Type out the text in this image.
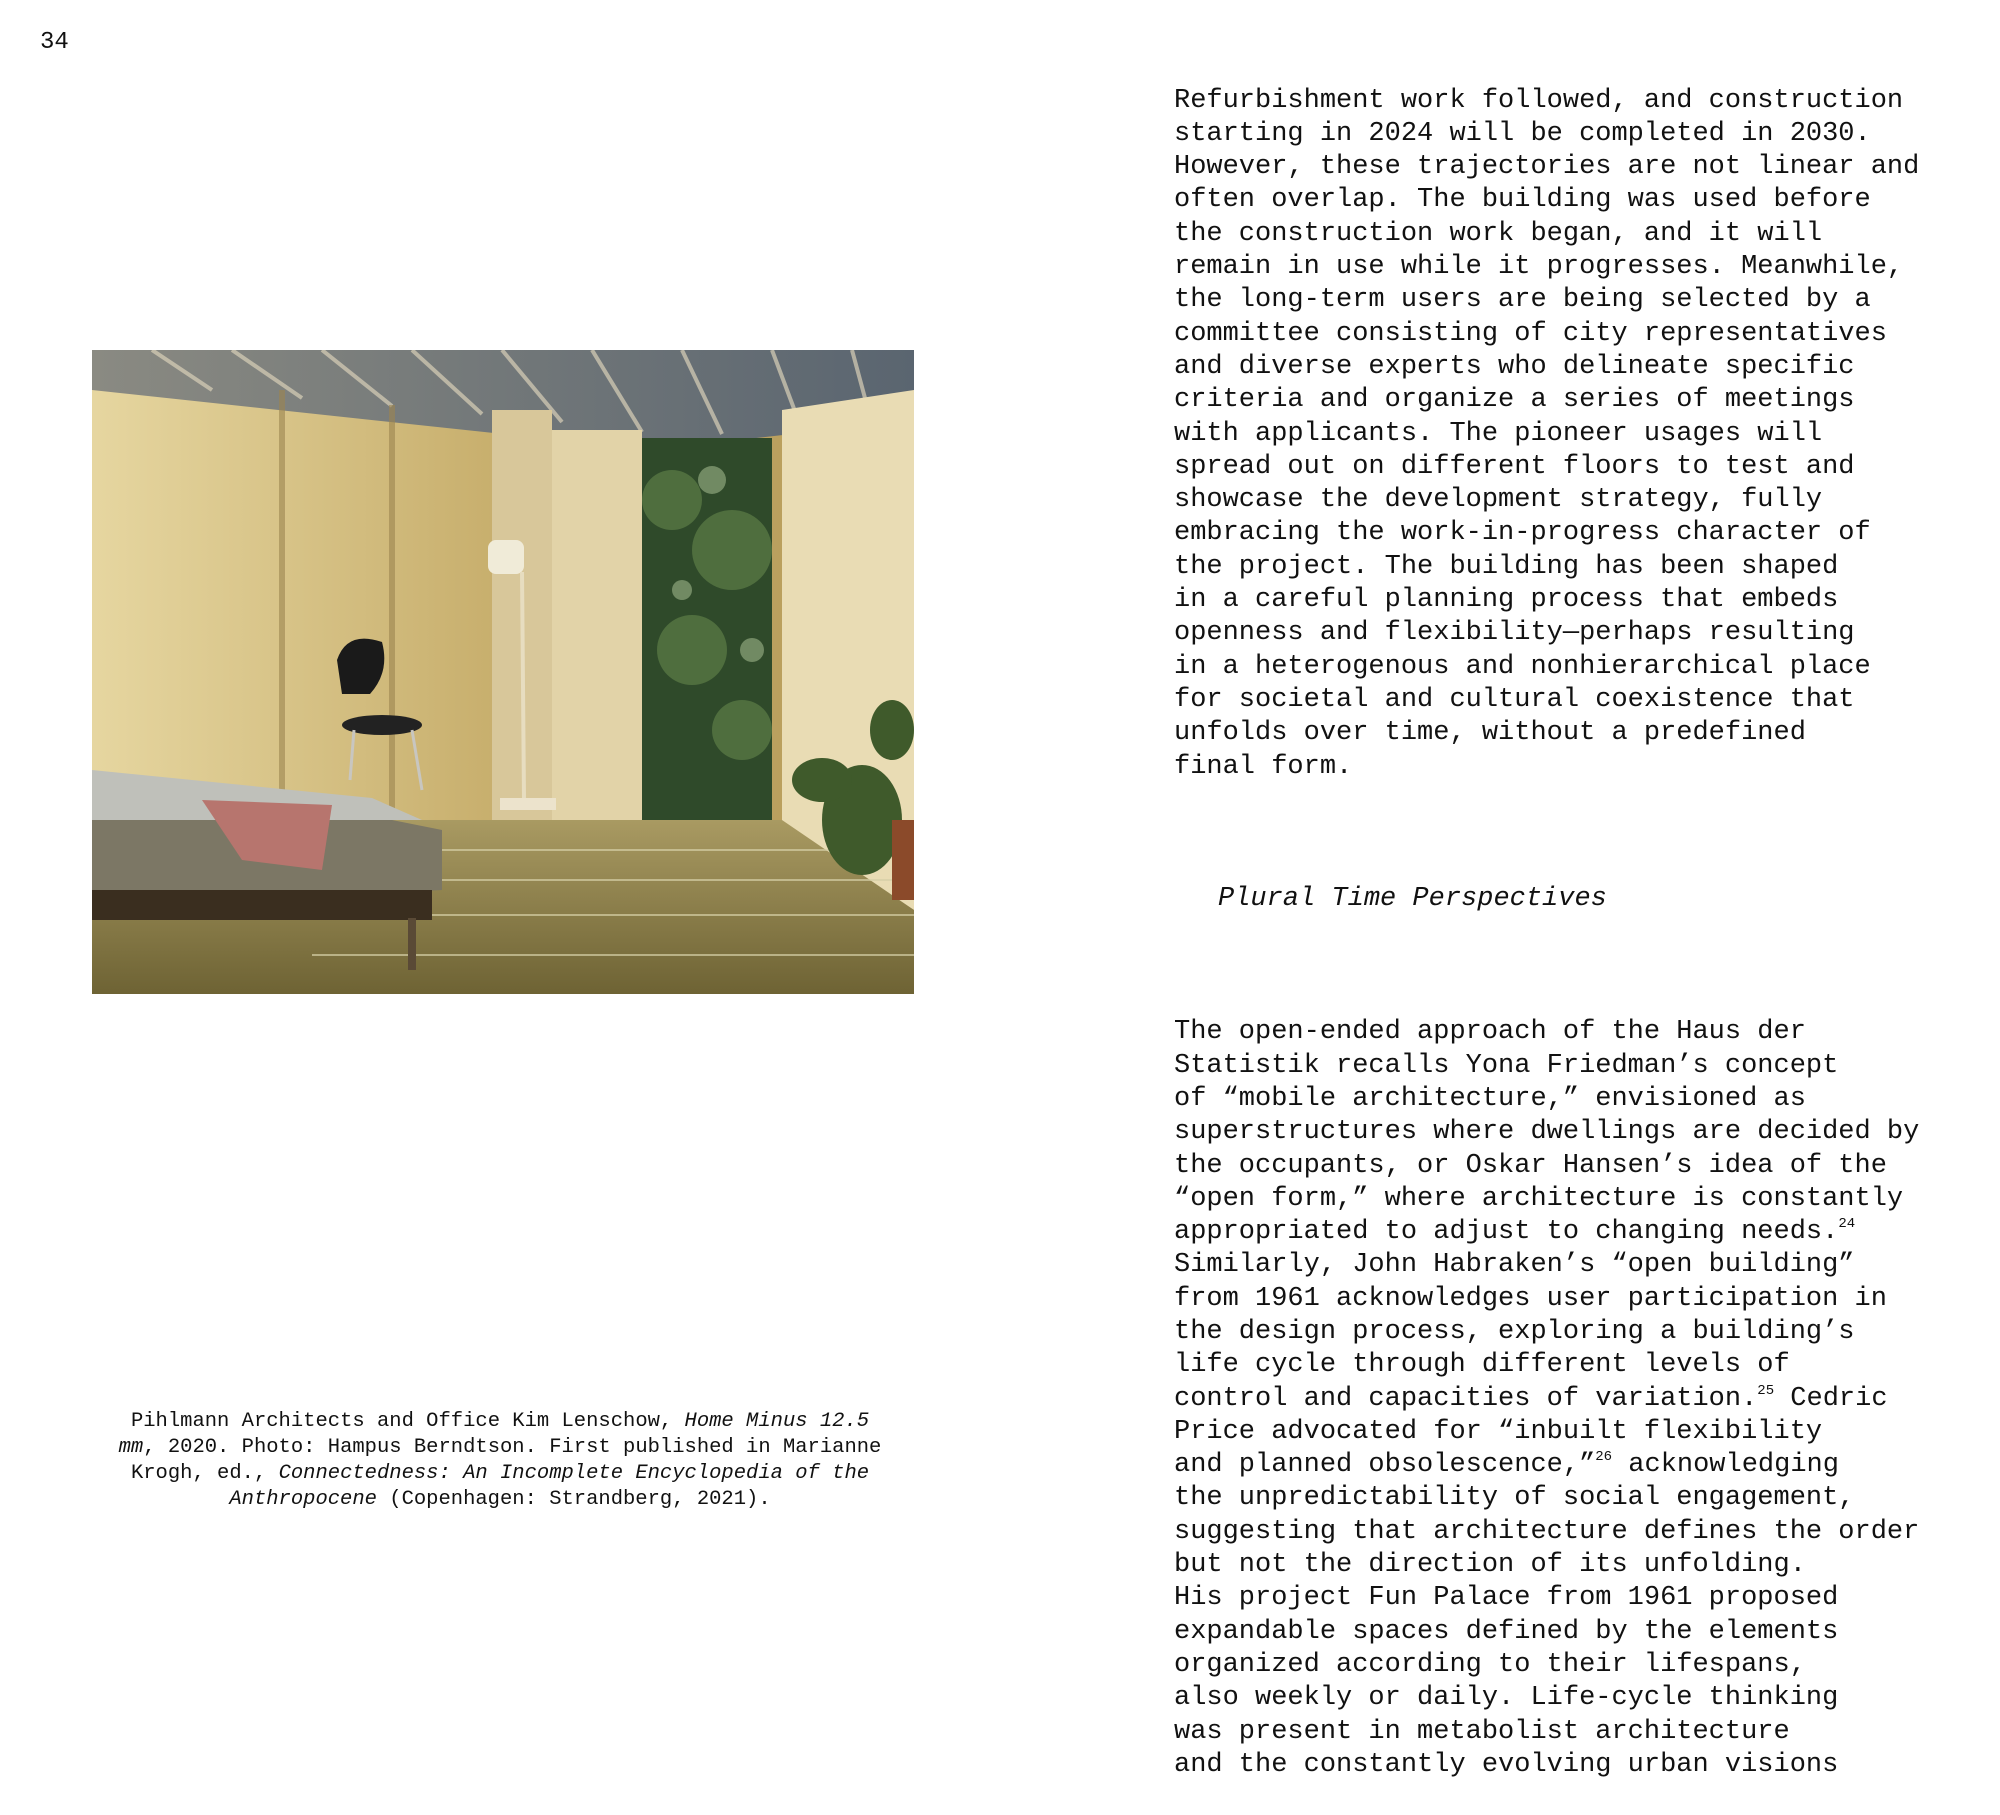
34
Pihlmann Architects and Office Kim Lenschow, Home Minus 12.5
mm, 2020. Photo: Hampus Berndtson. First published in Marianne
Krogh, ed., Connectedness: An Incomplete Encyclopedia of the
Anthropocene (Copenhagen: Strandberg, 2021).

Refurbishment work followed, and construction
starting in 2024 will be completed in 2030.
However, these trajectories are not linear and
often overlap. The building was used before
the construction work began, and it will
remain in use while it progresses. Meanwhile,
the long-term users are being selected by a
committee consisting of city representatives
and diverse experts who delineate specific
criteria and organize a series of meetings
with applicants. The pioneer usages will
spread out on different floors to test and
showcase the development strategy, fully
embracing the work-in-progress character of
the project. The building has been shaped
in a careful planning process that embeds
openness and flexibility—perhaps resulting
in a heterogenous and nonhierarchical place
for societal and cultural coexistence that
unfolds over time, without a predefined
final form.

Plural Time Perspectives

The open-ended approach of the Haus der
Statistik recalls Yona Friedman’s concept
of “mobile architecture,” envisioned as
superstructures where dwellings are decided by
the occupants, or Oskar Hansen’s idea of the
“open form,” where architecture is constantly
appropriated to adjust to changing needs.$^{24}$
Similarly, John Habraken’s “open building”
from 1961 acknowledges user participation in
the design process, exploring a building’s
life cycle through different levels of
control and capacities of variation.$^{25}$ Cedric
Price advocated for “inbuilt flexibility
and planned obsolescence,”$^{26}$ acknowledging
the unpredictability of social engagement,
suggesting that architecture defines the order
but not the direction of its unfolding.
His project Fun Palace from 1961 proposed
expandable spaces defined by the elements
organized according to their lifespans,
also weekly or daily. Life-cycle thinking
was present in metabolist architecture
and the constantly evolving urban visions
